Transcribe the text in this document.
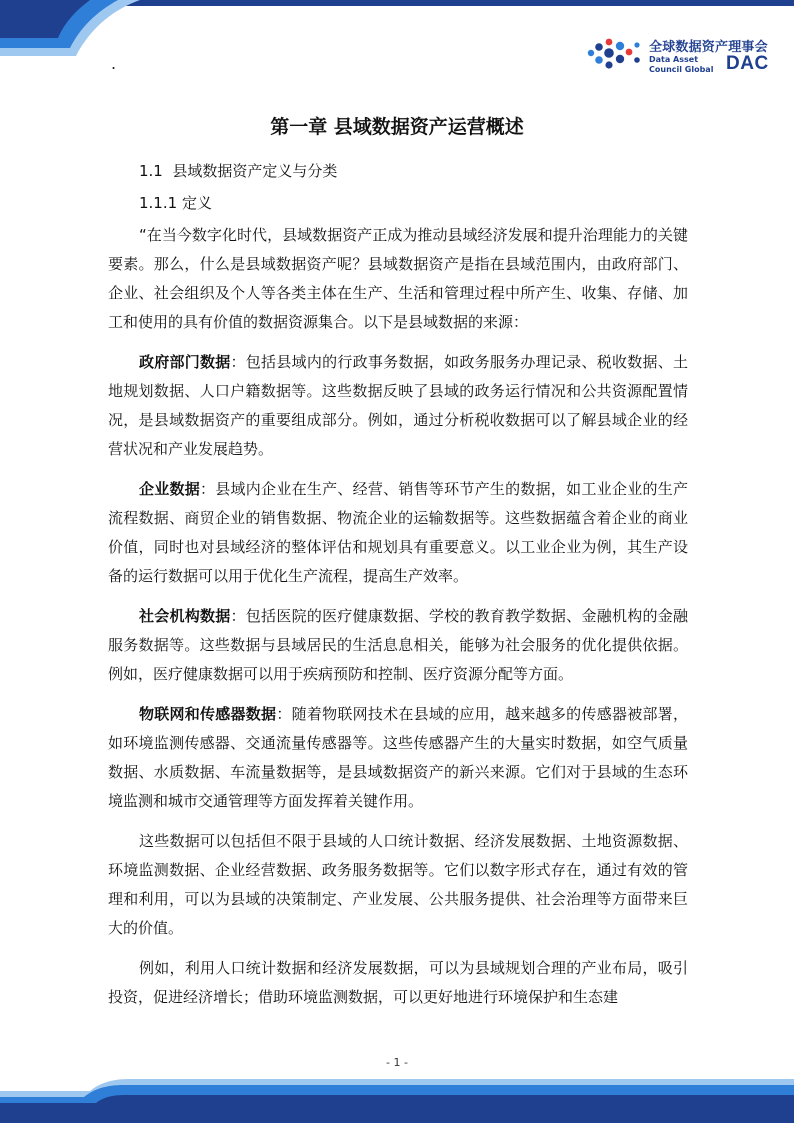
.
全球数据资产理事会
Data Asset
Council Global DAC
第一章 县域数据资产运营概述
1.1 县域数据资产定义与分类
1.1.1 定义

“在当今数字化时代，县域数据资产正成为推动县域经济发展和提升治理能力的关键要素。那么，什么是县域数据资产呢？县域数据资产是指在县域范围内，由政府部门、企业、社会组织及个人等各类主体在生产、生活和管理过程中所产生、收集、存储、加工和使用的具有价值的数据资源集合。以下是县域数据的来源：

政府部门数据：包括县域内的行政事务数据，如政务服务办理记录、税收数据、土地规划数据、人口户籍数据等。这些数据反映了县域的政务运行情况和公共资源配置情况，是县域数据资产的重要组成部分。例如，通过分析税收数据可以了解县域企业的经营状况和产业发展趋势。

企业数据：县域内企业在生产、经营、销售等环节产生的数据，如工业企业的生产流程数据、商贸企业的销售数据、物流企业的运输数据等。这些数据蕴含着企业的商业价值，同时也对县域经济的整体评估和规划具有重要意义。以工业企业为例，其生产设备的运行数据可以用于优化生产流程，提高生产效率。

社会机构数据：包括医院的医疗健康数据、学校的教育教学数据、金融机构的金融服务数据等。这些数据与县域居民的生活息息相关，能够为社会服务的优化提供依据。例如，医疗健康数据可以用于疾病预防和控制、医疗资源分配等方面。

物联网和传感器数据：随着物联网技术在县域的应用，越来越多的传感器被部署，如环境监测传感器、交通流量传感器等。这些传感器产生的大量实时数据，如空气质量数据、水质数据、车流量数据等，是县域数据资产的新兴来源。它们对于县域的生态环境监测和城市交通管理等方面发挥着关键作用。

这些数据可以包括但不限于县域的人口统计数据、经济发展数据、土地资源数据、环境监测数据、企业经营数据、政务服务数据等。它们以数字形式存在，通过有效的管理和利用，可以为县域的决策制定、产业发展、公共服务提供、社会治理等方面带来巨大的价值。

例如，利用人口统计数据和经济发展数据，可以为县域规划合理的产业布局，吸引投资，促进经济增长；借助环境监测数据，可以更好地进行环境保护和生态建

- 1 -
